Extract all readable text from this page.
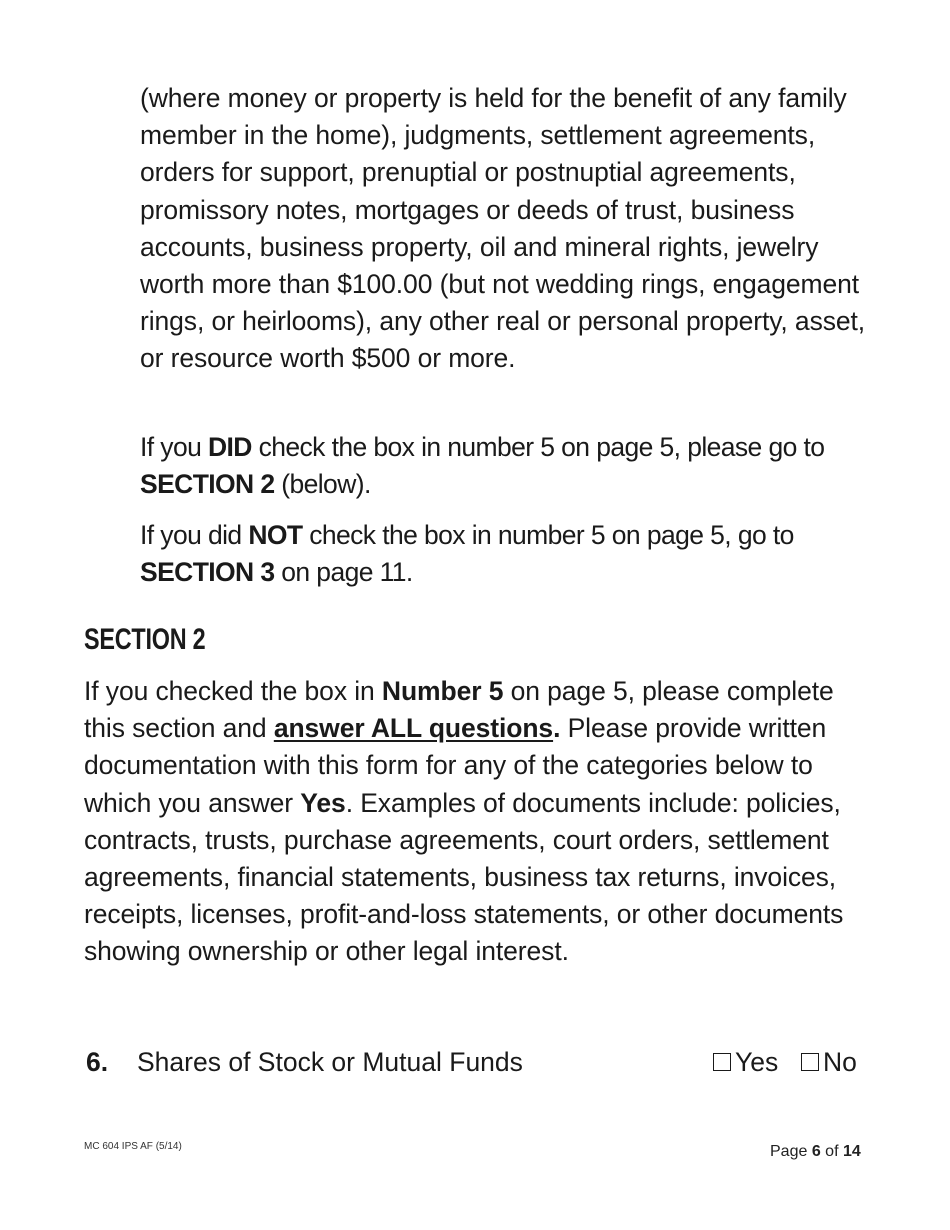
(where money or property is held for the benefit of any family member in the home), judgments, settlement agreements, orders for support, prenuptial or postnuptial agreements, promissory notes, mortgages or deeds of trust, business accounts, business property, oil and mineral rights, jewelry worth more than $100.00 (but not wedding rings, engagement rings, or heirlooms), any other real or personal property, asset, or resource worth $500 or more.

If you DID check the box in number 5 on page 5, please go to SECTION 2 (below).

If you did NOT check the box in number 5 on page 5, go to SECTION 3 on page 11.

SECTION 2

If you checked the box in Number 5 on page 5, please complete this section and answer ALL questions. Please provide written documentation with this form for any of the categories below to which you answer Yes. Examples of documents include: policies, contracts, trusts, purchase agreements, court orders, settlement agreements, financial statements, business tax returns, invoices, receipts, licenses, profit-and-loss statements, or other documents showing ownership or other legal interest.

6. Shares of Stock or Mutual Funds	Yes No
MC 604 IPS AF (5/14)	Page 6 of 14
